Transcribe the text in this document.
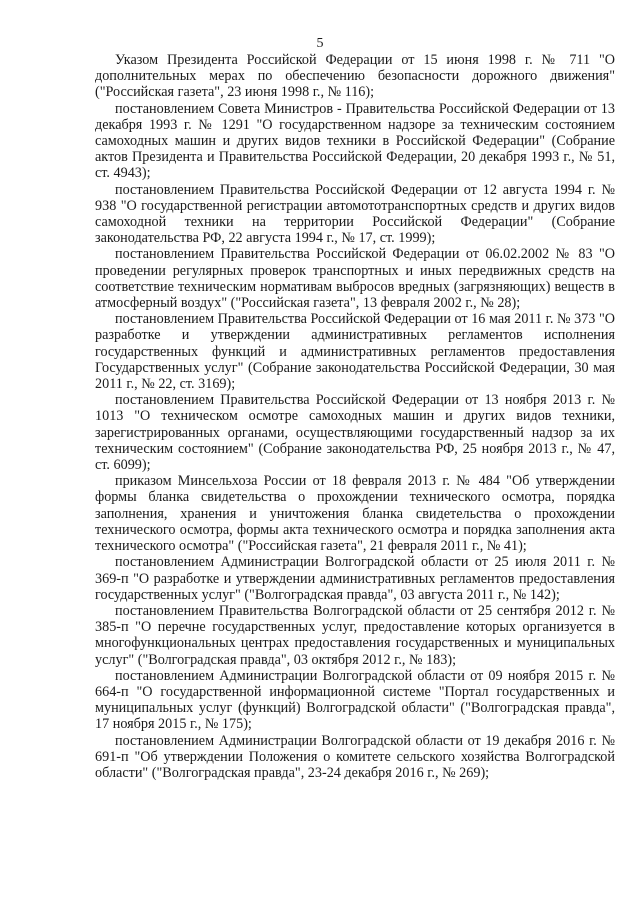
5

Указом Президента Российской Федерации от 15 июня 1998 г. № 711 "О дополнительных мерах по обеспечению безопасности дорожного движения" ("Российская газета", 23 июня 1998 г., № 116);

постановлением Совета Министров - Правительства Российской Федерации от 13 декабря 1993 г. № 1291 "О государственном надзоре за техническим состоянием самоходных машин и других видов техники в Российской Федерации" (Собрание актов Президента и Правительства Российской Федерации, 20 декабря 1993 г., № 51, ст. 4943);

постановлением Правительства Российской Федерации от 12 августа 1994 г. № 938 "О государственной регистрации автомототранспортных средств и других видов самоходной техники на территории Российской Федерации" (Собрание законодательства РФ, 22 августа 1994 г., № 17, ст. 1999);

постановлением Правительства Российской Федерации от 06.02.2002 № 83 "О проведении регулярных проверок транспортных и иных передвижных средств на соответствие техническим нормативам выбросов вредных (загрязняющих) веществ в атмосферный воздух" ("Российская газета", 13 февраля 2002 г., № 28);

постановлением Правительства Российской Федерации от 16 мая 2011 г. № 373 "О разработке и утверждении административных регламентов исполнения государственных функций и административных регламентов предоставления Государственных услуг" (Собрание законодательства Российской Федерации, 30 мая 2011 г., № 22, ст. 3169);

постановлением Правительства Российской Федерации от 13 ноября 2013 г. № 1013 "О техническом осмотре самоходных машин и других видов техники, зарегистрированных органами, осуществляющими государственный надзор за их техническим состоянием" (Собрание законодательства РФ, 25 ноября 2013 г., № 47, ст. 6099);

приказом Минсельхоза России от 18 февраля 2013 г. № 484 "Об утверждении формы бланка свидетельства о прохождении технического осмотра, порядка заполнения, хранения и уничтожения бланка свидетельства о прохождении технического осмотра, формы акта технического осмотра и порядка заполнения акта технического осмотра" ("Российская газета", 21 февраля 2011 г., № 41);

постановлением Администрации Волгоградской области от 25 июля 2011 г. № 369-п "О разработке и утверждении административных регламентов предоставления государственных услуг" ("Волгоградская правда", 03 августа 2011 г., № 142);

постановлением Правительства Волгоградской области от 25 сентября 2012 г. № 385-п "О перечне государственных услуг, предоставление которых организуется в многофункциональных центрах предоставления государственных и муниципальных услуг" ("Волгоградская правда", 03 октября 2012 г., № 183);

постановлением Администрации Волгоградской области от 09 ноября 2015 г. № 664-п "О государственной информационной системе "Портал государственных и муниципальных услуг (функций) Волгоградской области" ("Волгоградская правда", 17 ноября 2015 г., № 175);

постановлением Администрации Волгоградской области от 19 декабря 2016 г. № 691-п "Об утверждении Положения о комитете сельского хозяйства Волгоградской области" ("Волгоградская правда", 23-24 декабря 2016 г., № 269);
